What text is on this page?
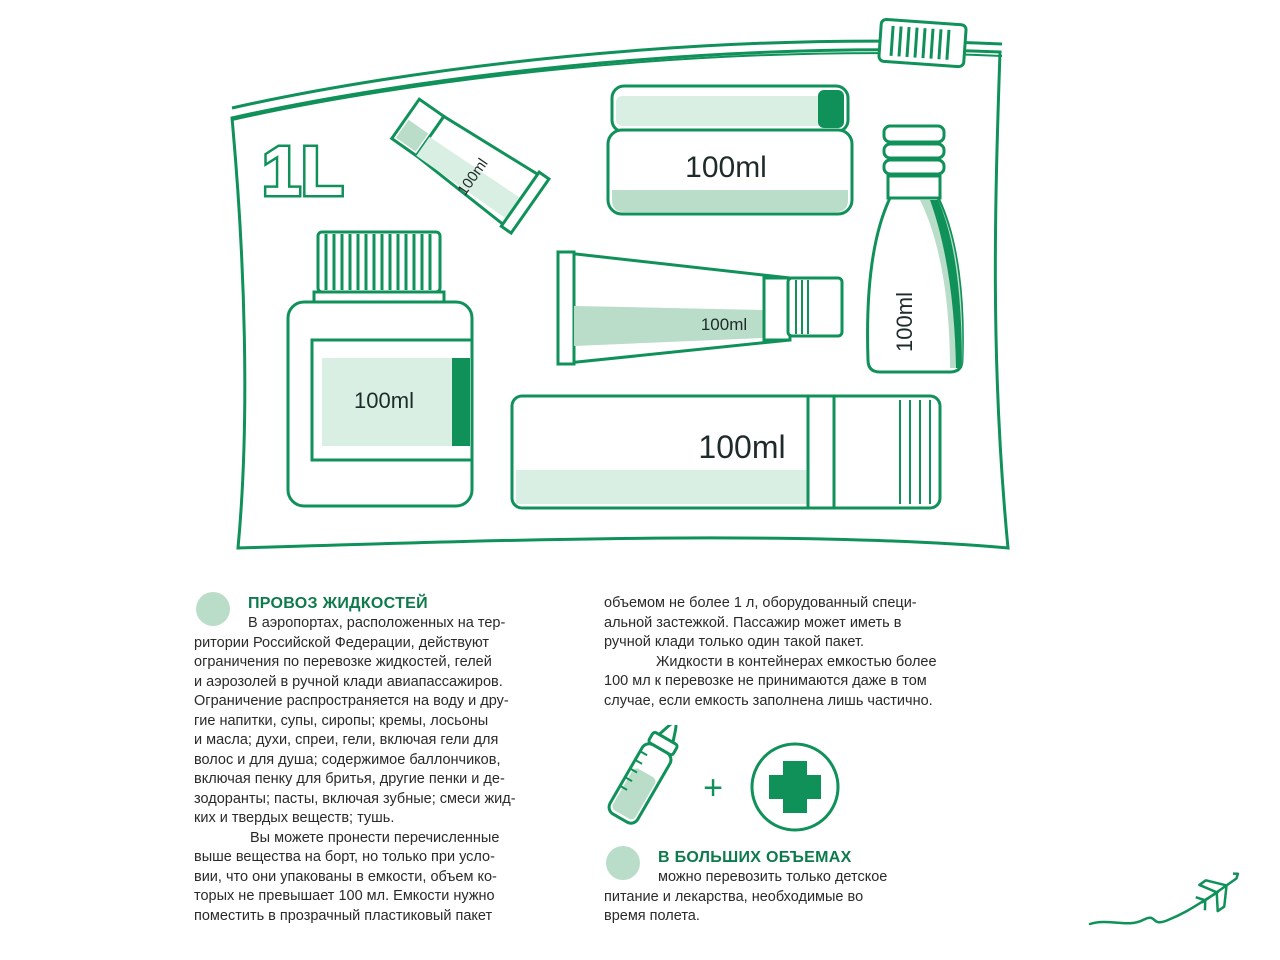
1L	100ml	100ml
100ml
100ml
100ml
100ml
ПРОВОЗ ЖИДКОСТЕЙ

В аэропортах, расположенных на тер-

ритории Российской Федерации, действуют

ограничения по перевозке жидкостей, гелей

и аэрозолей в ручной клади авиапассажиров.

Ограничение распространяется на воду и дру-

гие напитки, супы, сиропы; кремы, лосьоны

и масла; духи, спреи, гели, включая гели для

волос и для душа; содержимое баллончиков,

включая пенку для бритья, другие пенки и де-

зодоранты; пасты, включая зубные; смеси жид-

ких и твердых веществ; тушь.

Вы можете пронести перечисленные

выше вещества на борт, но только при усло-

вии, что они упакованы в емкости, объем ко-

торых не превышает 100 мл. Емкости нужно

поместить в прозрачный пластиковый пакет

объемом не более 1 л, оборудованный специ-

альной застежкой. Пассажир может иметь в

ручной клади только один такой пакет.

Жидкости в контейнерах емкостью более

100 мл к перевозке не принимаются даже в том

случае, если емкость заполнена лишь частично.

+
В БОЛЬШИХ ОБЪЕМАХ

можно перевозить только детское

питание и лекарства, необходимые во

время полета.
